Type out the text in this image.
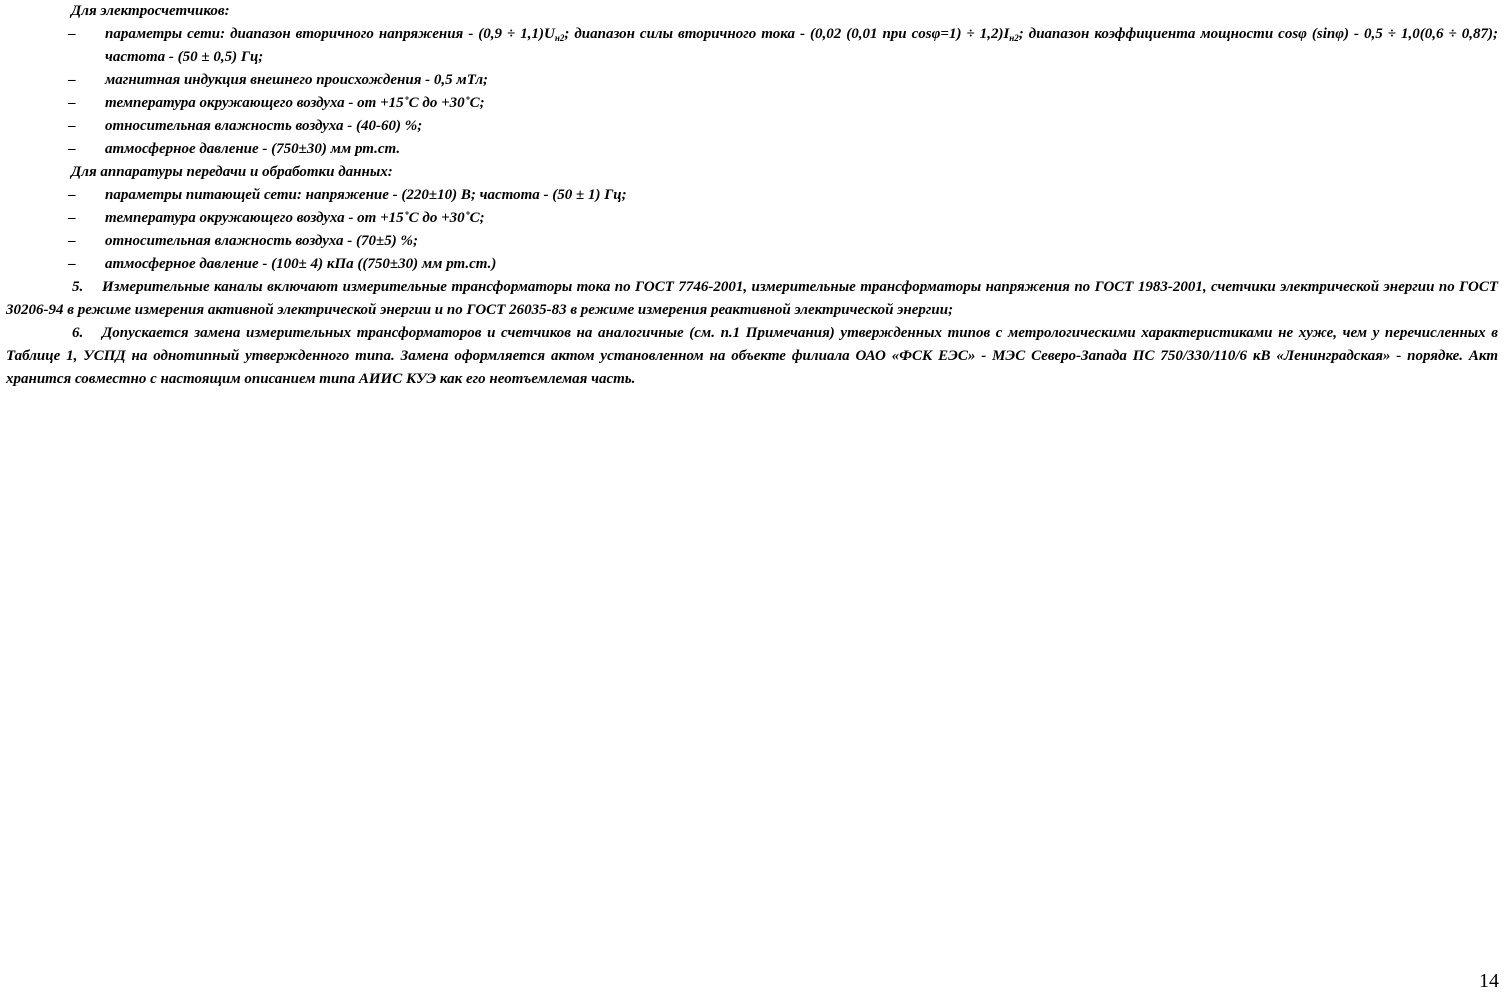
Для электросчетчиков:

– параметры сети: диапазон вторичного напряжения - $(0,9 \div 1,1)U_{н2}$; диапазон силы вторичного тока - (0,02 (0,01 при $\cos\varphi=1) \div 1,2)I_{н2}$; диапазон коэффициента мощности cosφ (sinφ) - 0,5 ÷ 1,0(0,6 ÷ 0,87); частота - (50 ± 0,5) Гц;

– магнитная индукция внешнего происхождения - 0,5 мТл;

– температура окружающего воздуха - от +15˚С до +30˚С;

– относительная влажность воздуха - (40-60) %;

– атмосферное давление - (750±30) мм рт.ст.

Для аппаратуры передачи и обработки данных:

– параметры питающей сети: напряжение - (220±10) В; частота - (50 ± 1) Гц;

– температура окружающего воздуха - от +15˚С до +30˚С;

– относительная влажность воздуха - (70±5) %;

– атмосферное давление - (100± 4) кПа ((750±30) мм рт.ст.)

5. Измерительные каналы включают измерительные трансформаторы тока по ГОСТ 7746-2001, измерительные трансформаторы напряжения по ГОСТ 1983-2001, счетчики электрической энергии по ГОСТ 30206-94 в режиме измерения активной электрической энергии и по ГОСТ 26035-83 в режиме измерения реактивной электрической энергии;

6. Допускается замена измерительных трансформаторов и счетчиков на аналогичные (см. п.1 Примечания) утвержденных типов с метрологическими характеристиками не хуже, чем у перечисленных в Таблице 1, УСПД на однотипный утвержденного типа. Замена оформляется актом установленном на объекте филиала ОАО «ФСК ЕЭС» - МЭС Северо-Запада ПС 750/330/110/6 кВ «Ленинградская» - порядке. Акт хранится совместно с настоящим описанием типа АИИС КУЭ как его неотъемлемая часть.

14
